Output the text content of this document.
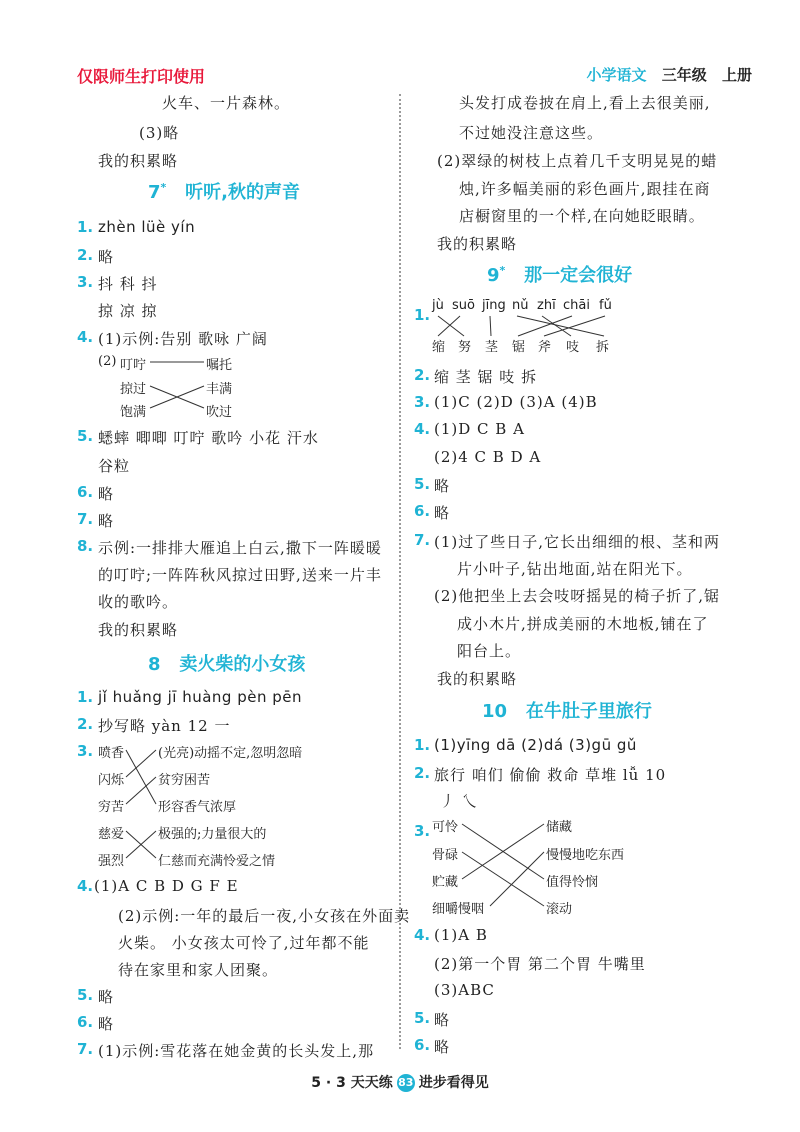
仅限师生打印使用	小学语文 三年级 上册
火车、一片森林。
(3)略
我的积累略
7* 听听,秋的声音
1. zhèn lüè yín
2. 略
3. 抖 科 抖
掠 凉 掠
4. (1)示例:告别 歌咏 广阔
(2) 叮咛	嘱托
掠过	丰满
饱满	吹过
5. 蟋蟀 唧唧 叮咛 歌吟 小花 汗水
谷粒
6. 略
7. 略
8. 示例:一排排大雁追上白云,撒下一阵暖暖
的叮咛;一阵阵秋风掠过田野,送来一片丰
收的歌吟。
我的积累略
8 卖火柴的小女孩
1. jǐ huǎng jī huàng pèn pēn
2. 抄写略 yàn 12 一
3. 喷香	(光亮)动摇不定,忽明忽暗
闪烁	贫穷困苦
穷苦	形容香气浓厚
慈爱	极强的;力量很大的
强烈	仁慈而充满怜爱之情
4. (1)A C B D G F E
(2)示例:一年的最后一夜,小女孩在外面卖
火柴。 小女孩太可怜了,过年都不能
待在家里和家人团聚。
5. 略
6. 略
7. (1)示例:雪花落在她金黄的长头发上,那
头发打成卷披在肩上,看上去很美丽,
不过她没注意这些。
(2)翠绿的树枝上点着几千支明晃晃的蜡
烛,许多幅美丽的彩色画片,跟挂在商
店橱窗里的一个样,在向她眨眼睛。
我的积累略
9* 那一定会很好
1.
jù suō jīng nǔ zhī chāi fǔ
缩 努 茎 锯 斧 吱 拆
2. 缩 茎 锯 吱 拆
3. (1)C (2)D (3)A (4)B
4. (1)D C B A
(2)4 C B D A
5. 略
6. 略
7. (1)过了些日子,它长出细细的根、茎和两
片小叶子,钻出地面,站在阳光下。
(2)他把坐上去会吱呀摇晃的椅子折了,锯
成小木片,拼成美丽的木地板,铺在了
阳台上。
我的积累略
10 在牛肚子里旅行
1. (1)yīng dā (2)dá (3)gū gǔ
2. 旅行 咱们 偷偷 救命 草堆 lǚ 10
丿 乀
3. 可怜	储藏
骨碌	慢慢地吃东西
贮藏	值得怜悯
细嚼慢咽	滚动
4. (1)A B
(2)第一个胃 第二个胃 牛嘴里
(3)ABC
5. 略
6. 略
5 · 3 天天练 83 进步看得见
